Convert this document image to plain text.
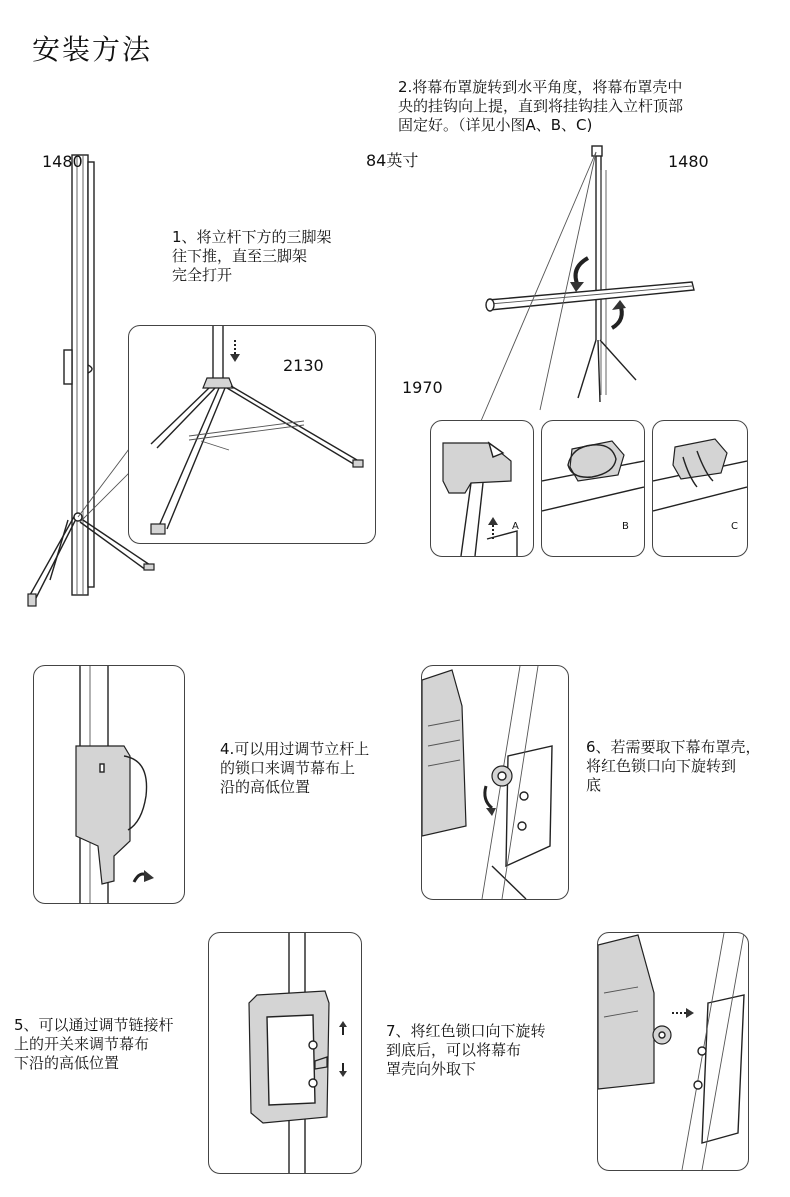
安装方法
1480
1、将立杆下方的三脚架
往下推，直至三脚架
完全打开
2130
2.将幕布罩旋转到水平角度，将幕布罩壳中
央的挂钩向上提，直到将挂钩挂入立杆顶部
固定好。（详见小图A、B、C)
84英寸	1480
1970
A	B	C
4.可以用过调节立杆上
的锁口来调节幕布上
沿的高低位置
6、若需要取下幕布罩壳，
将红色锁口向下旋转到
底
5、可以通过调节链接杆
上的开关来调节幕布
下沿的高低位置
7、将红色锁口向下旋转
到底后，可以将幕布
罩壳向外取下
